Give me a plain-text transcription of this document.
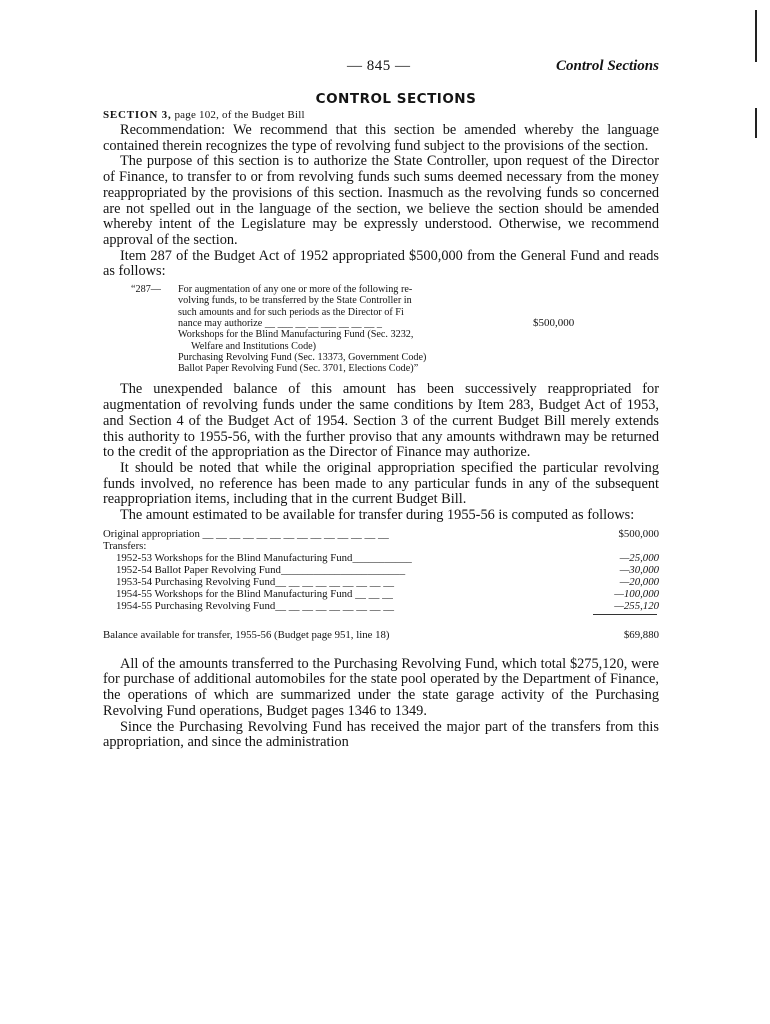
— 845 —	Control Sections
CONTROL SECTIONS
SECTION 3, page 102, of the Budget Bill

Recommendation: We recommend that this section be amended whereby the language contained therein recognizes the type of revolving fund subject to the provisions of the section.

The purpose of this section is to authorize the State Controller, upon request of the Director of Finance, to transfer to or from revolving funds such sums deemed necessary from the money reappropriated by the provisions of this section. Inasmuch as the revolving funds so concerned are not spelled out in the language of the section, we believe the section should be amended whereby intent of the Legislature may be expressly understood. Otherwise, we recommend approval of the section.

Item 287 of the Budget Act of 1952 appropriated $500,000 from the General Fund and reads as follows:

“287—	For augmentation of any one or more of the following re-
volving funds, to be transferred by the State Controller in
such amounts and for such periods as the Director of Fi
nance may authorize __ ___ __ __ ___ __ __ __ _	$500,000
Workshops for the Blind Manufacturing Fund (Sec. 3232,
Welfare and Institutions Code)
Purchasing Revolving Fund (Sec. 13373, Government Code)
Ballot Paper Revolving Fund (Sec. 3701, Elections Code)”

The unexpended balance of this amount has been successively reappropriated for augmentation of revolving funds under the same conditions by Item 283, Budget Act of 1953, and Section 4 of the Budget Act of 1954. Section 3 of the current Budget Bill merely extends this authority to 1955-56, with the further proviso that any amounts withdrawn may be returned to the credit of the appropriation as the Director of Finance may authorize.

It should be noted that while the original appropriation specified the particular revolving funds involved, no reference has been made to any particular funds in any of the subsequent reappropriation items, including that in the current Budget Bill.

The amount estimated to be available for transfer during 1955-56 is computed as follows:

Original appropriation __ __ __ __ __ __ __ __ __ __ __ __ __ __	$500,000
Transfers:
1952-53 Workshops for the Blind Manufacturing Fund___________	—25,000
1952-54 Ballot Paper Revolving Fund_______________________	—30,000
1953-54 Purchasing Revolving Fund__ __ __ __ __ __ __ __ __	—20,000
1954-55 Workshops for the Blind Manufacturing Fund __ __ __	—100,000
1954-55 Purchasing Revolving Fund__ __ __ __ __ __ __ __ __	—255,120
Balance available for transfer, 1955-56 (Budget page 951, line 18)	$69,880

All of the amounts transferred to the Purchasing Revolving Fund, which total $275,120, were for purchase of additional automobiles for the state pool operated by the Department of Finance, the operations of which are summarized under the state garage activity of the Purchasing Revolving Fund operations, Budget pages 1346 to 1349.

Since the Purchasing Revolving Fund has received the major part of the transfers from this appropriation, and since the administration
